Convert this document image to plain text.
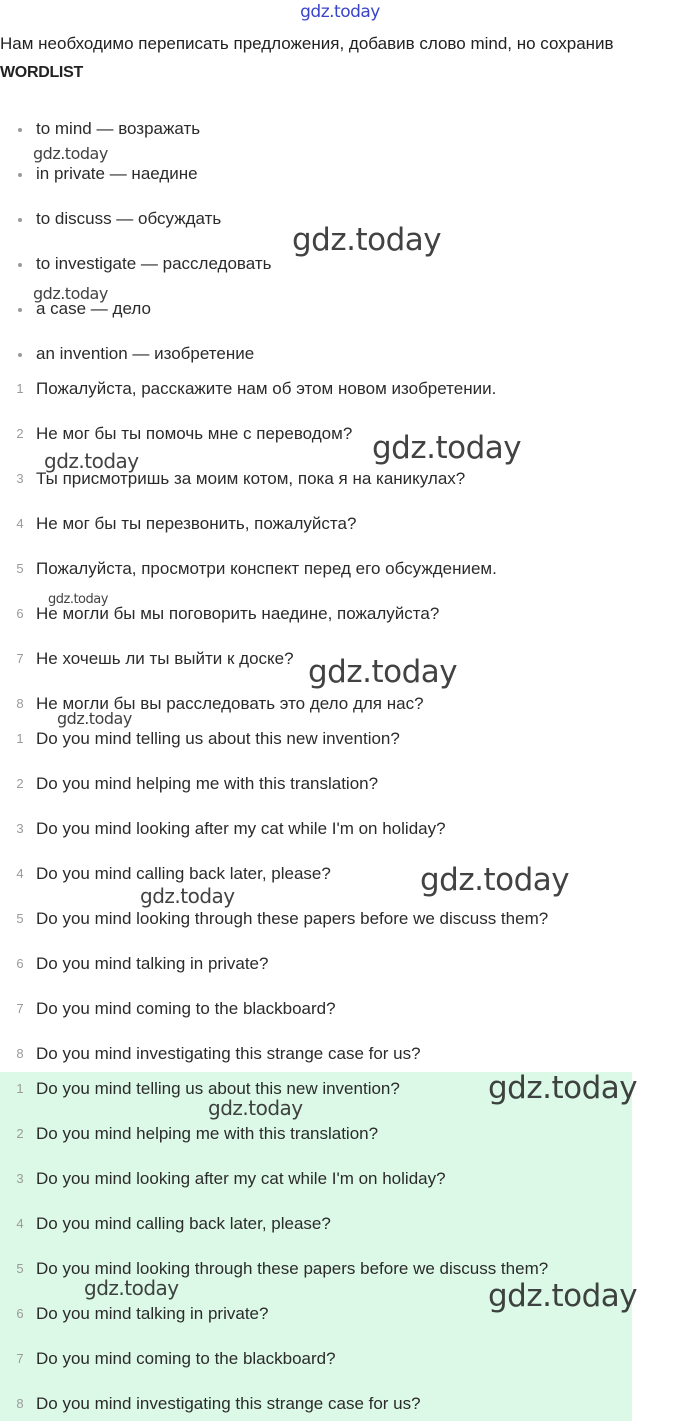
gdz.today
Нам необходимо переписать предложения, добавив слово mind, но сохранив
WORDLIST
to mind — возражать
in private — наедине
to discuss — обсуждать
to investigate — расследовать
a case — дело
an invention — изобретение
1 Пожалуйста, расскажите нам об этом новом изобретении.
2 Не мог бы ты помочь мне с переводом?
3 Ты присмотришь за моим котом, пока я на каникулах?
4 Не мог бы ты перезвонить, пожалуйста?
5 Пожалуйста, просмотри конспект перед его обсуждением.
6 Не могли бы мы поговорить наедине, пожалуйста?
7 Не хочешь ли ты выйти к доске?
8 Не могли бы вы расследовать это дело для нас?
1 Do you mind telling us about this new invention?
2 Do you mind helping me with this translation?
3 Do you mind looking after my cat while I'm on holiday?
4 Do you mind calling back later, please?
5 Do you mind looking through these papers before we discuss them?
6 Do you mind talking in private?
7 Do you mind coming to the blackboard?
8 Do you mind investigating this strange case for us?
1 Do you mind telling us about this new invention?
2 Do you mind helping me with this translation?
3 Do you mind looking after my cat while I'm on holiday?
4 Do you mind calling back later, please?
5 Do you mind looking through these papers before we discuss them?
6 Do you mind talking in private?
7 Do you mind coming to the blackboard?
8 Do you mind investigating this strange case for us?
gdz.today
gdz.today
gdz.today
gdz.today
gdz.today
gdz.today
gdz.today
gdz.today
gdz.today
gdz.today
gdz.today
gdz.today
gdz.today	gdz.today
